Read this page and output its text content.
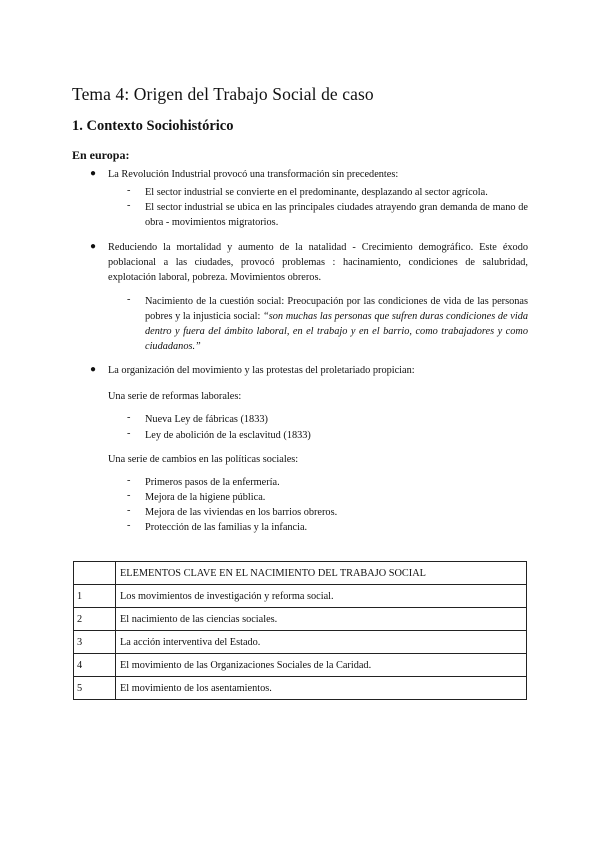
Tema 4: Origen del Trabajo Social de caso
1. Contexto Sociohistórico
En europa:
● La Revolución Industrial provocó una transformación sin precedentes:
- El sector industrial se convierte en el predominante, desplazando al sector agrícola.
- El sector industrial se ubica en las principales ciudades atrayendo gran demanda de mano de obra - movimientos migratorios.
● Reduciendo la mortalidad y aumento de la natalidad - Crecimiento demográfico. Este éxodo poblacional a las ciudades, provocó problemas : hacinamiento, condiciones de salubridad, explotación laboral, pobreza. Movimientos obreros.
- Nacimiento de la cuestión social: Preocupación por las condiciones de vida de las personas pobres y la injusticia social: “son muchas las personas que sufren duras condiciones de vida dentro y fuera del ámbito laboral, en el trabajo y en el barrio, como trabajadores y como ciudadanos.”
● La organización del movimiento y las protestas del proletariado propician:
Una serie de reformas laborales:
- Nueva Ley de fábricas (1833)
- Ley de abolición de la esclavitud (1833)
Una serie de cambios en las políticas sociales:
- Primeros pasos de la enfermería.
- Mejora de la higiene pública.
- Mejora de las viviendas en los barrios obreros.
- Protección de las familias y la infancia.
	ELEMENTOS CLAVE EN EL NACIMIENTO DEL TRABAJO SOCIAL
1	Los movimientos de investigación y reforma social.
2	El nacimiento de las ciencias sociales.
3	La acción interventiva del Estado.
4	El movimiento de las Organizaciones Sociales de la Caridad.
5	El movimiento de los asentamientos.
